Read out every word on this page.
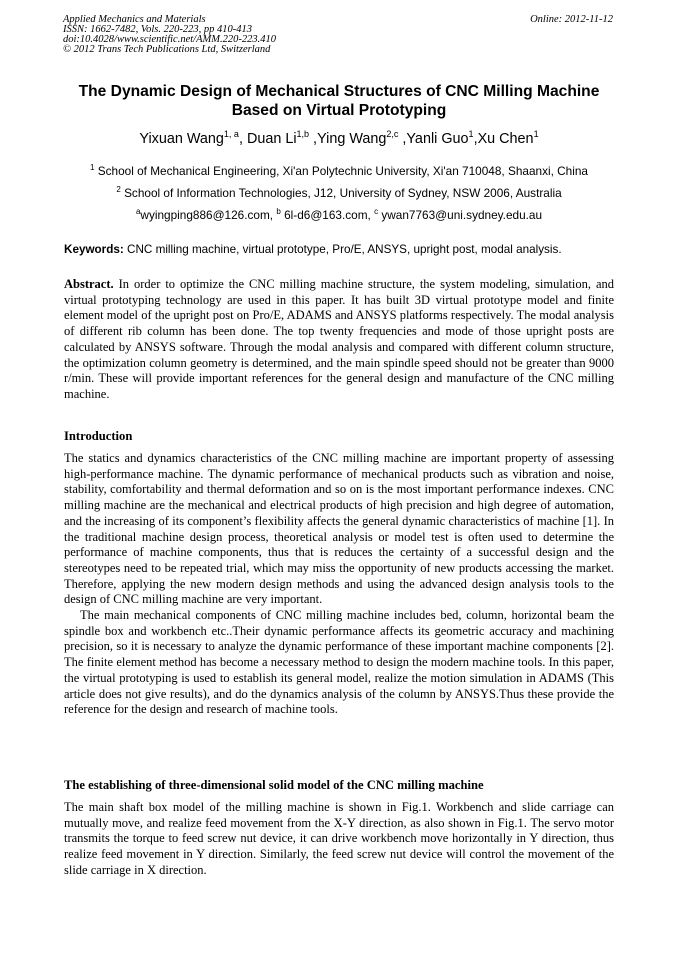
Applied Mechanics and Materials
ISSN: 1662-7482, Vols. 220-223, pp 410-413
doi:10.4028/www.scientific.net/AMM.220-223.410
© 2012 Trans Tech Publications Ltd, Switzerland
Online: 2012-11-12
The Dynamic Design of Mechanical Structures of CNC Milling Machine
Based on Virtual Prototyping
Yixuan Wang$^{1, a}$, Duan Li$^{1,b}$ ,Ying Wang$^{2,c}$ ,Yanli Guo$^1$,Xu Chen$^1$
$^1$ School of Mechanical Engineering, Xi'an Polytechnic University, Xi'an 710048, Shaanxi, China
$^2$ School of Information Technologies, J12, University of Sydney, NSW 2006, Australia
$^a$wyingping886@126.com, $^b$ 6l-d6@163.com, $^c$ ywan7763@uni.sydney.edu.au
Keywords: CNC milling machine, virtual prototype, Pro/E, ANSYS, upright post, modal analysis.

Abstract. In order to optimize the CNC milling machine structure, the system modeling, simulation, and virtual prototyping technology are used in this paper. It has built 3D virtual prototype model and finite element model of the upright post on Pro/E, ADAMS and ANSYS platforms respectively. The modal analysis of different rib column has been done. The top twenty frequencies and mode of those upright posts are calculated by ANSYS software. Through the modal analysis and compared with different column structure, the optimization column geometry is determined, and the main spindle speed should not be greater than 9000 r/min. These will provide important references for the general design and manufacture of the CNC milling machine.

Introduction

The statics and dynamics characteristics of the CNC milling machine are important property of assessing high-performance machine. The dynamic performance of mechanical products such as vibration and noise, stability, comfortability and thermal deformation and so on is the most important performance indexes. CNC milling machine are the mechanical and electrical products of high precision and high degree of automation, and the increasing of its component’s flexibility affects the general dynamic characteristics of machine [1]. In the traditional machine design process, theoretical analysis or model test is often used to determine the performance of machine components, thus that is reduces the certainty of a successful design and the stereotypes need to be repeated trial, which may miss the opportunity of new products accessing the market. Therefore, applying the new modern design methods and using the advanced design analysis tools to the design of CNC milling machine are very important.

The main mechanical components of CNC milling machine includes bed, column, horizontal beam the spindle box and workbench etc..Their dynamic performance affects its geometric accuracy and machining precision, so it is necessary to analyze the dynamic performance of these important machine components [2]. The finite element method has become a necessary method to design the modern machine tools. In this paper, the virtual prototyping is used to establish its general model, realize the motion simulation in ADAMS (This article does not give results), and do the dynamics analysis of the column by ANSYS.Thus these provide the reference for the design and research of machine tools.

The establishing of three-dimensional solid model of the CNC milling machine

The main shaft box model of the milling machine is shown in Fig.1. Workbench and slide carriage can mutually move, and realize feed movement from the X-Y direction, as also shown in Fig.1. The servo motor transmits the torque to feed screw nut device, it can drive workbench move horizontally in Y direction, thus realize feed movement in Y direction. Similarly, the feed screw nut device will control the movement of the slide carriage in X direction.
